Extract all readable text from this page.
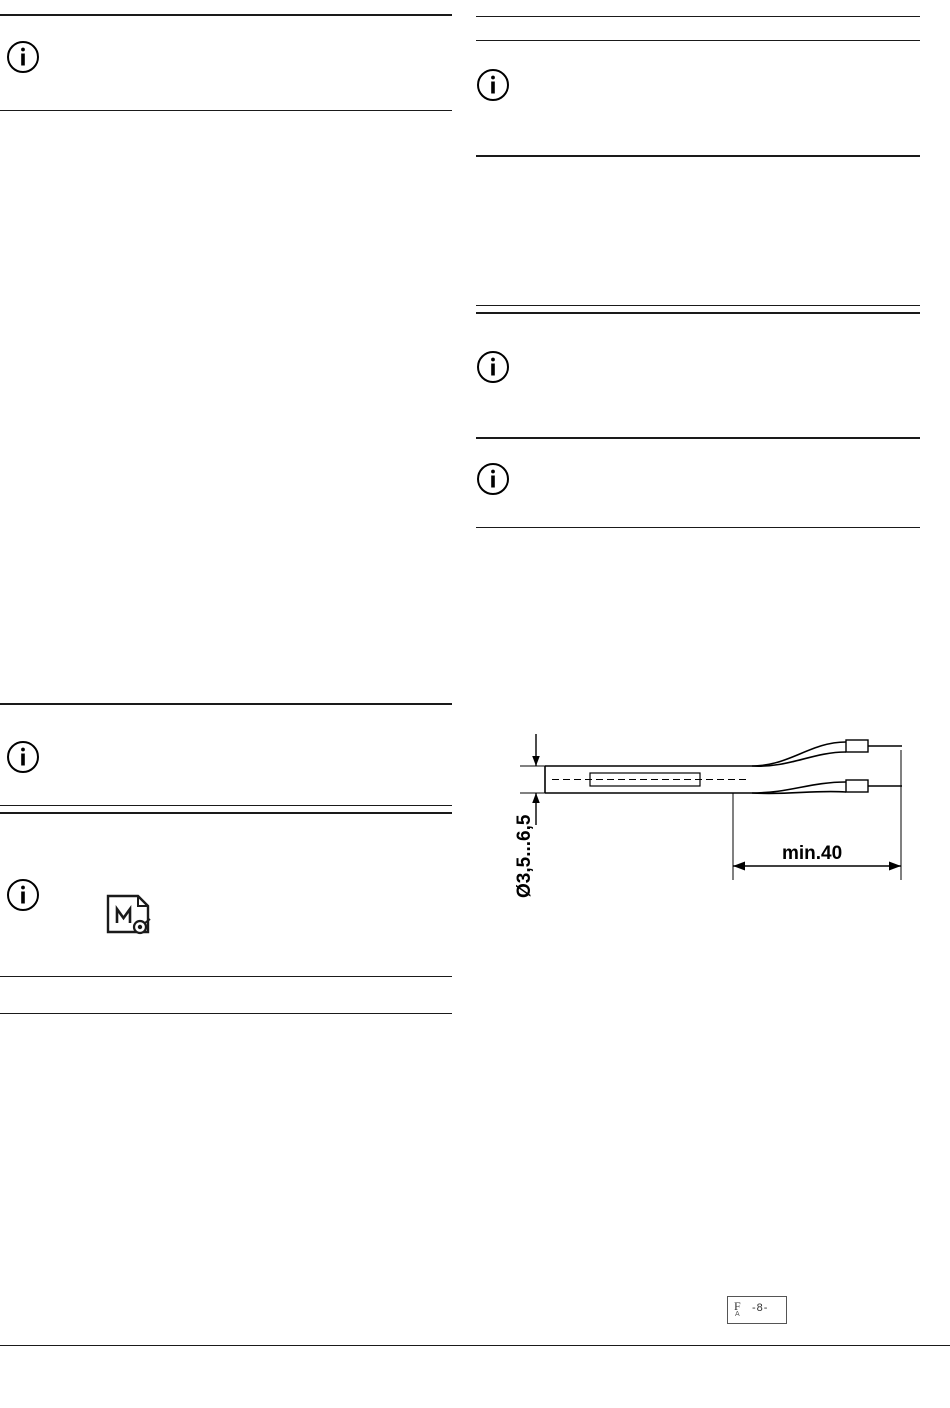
Ø3,5...6,5	min.40
F
A
-8-
